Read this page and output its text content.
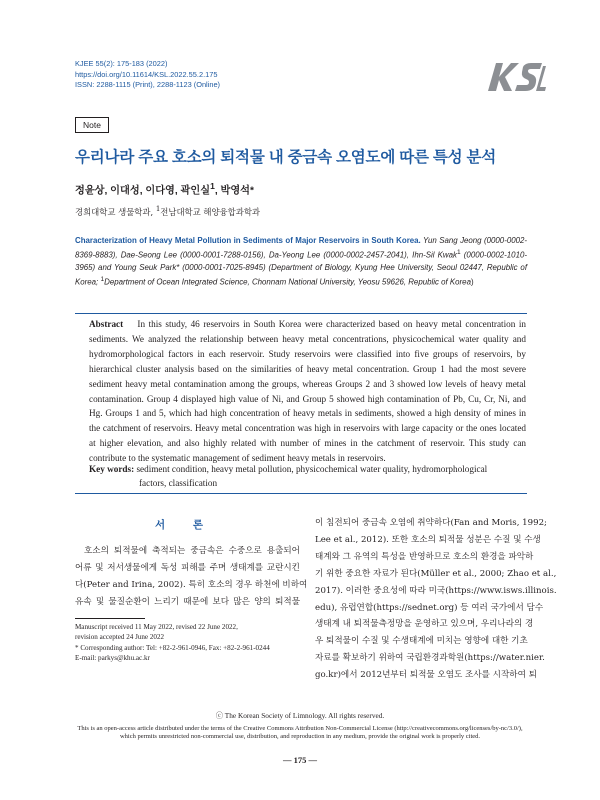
KJEE 55(2): 175-183 (2022)
https://doi.org/10.11614/KSL.2022.55.2.175
ISSN: 2288-1115 (Print), 2288-1123 (Online)
Note
우리나라 주요 호소의 퇴적물 내 중금속 오염도에 따른 특성 분석
정윤상, 이대성, 이다영, 곽인실$^1$, 박영석*
경희대학교 생물학과, $^1$전남대학교 해양융합과학과
Characterization of Heavy Metal Pollution in Sediments of Major Reservoirs in South Korea. Yun Sang Jeong (0000-0002-8369-8883), Dae-Seong Lee (0000-0001-7288-0156), Da-Yeong Lee (0000-0002-2457-2041), Ihn-Sil Kwak$^1$ (0000-0002-1010-3965) and Young Seuk Park* (0000-0001-7025-8945) (Department of Biology, Kyung Hee University, Seoul 02447, Republic of Korea; $^1$Department of Ocean Integrated Science, Chonnam National University, Yeosu 59626, Republic of Korea)
Abstract In this study, 46 reservoirs in South Korea were characterized based on heavy metal concentration in sediments. We analyzed the relationship between heavy metal concentrations, physicochemical water quality and hydromorphological factors in each reservoir. Study reservoirs were classified into five groups of reservoirs, by hierarchical cluster analysis based on the similarities of heavy metal concentration. Group 1 had the most severe sediment heavy metal contamination among the groups, whereas Groups 2 and 3 showed low levels of heavy metal contamination. Group 4 displayed high value of Ni, and Group 5 showed high contamination of Pb, Cu, Cr, Ni, and Hg. Groups 1 and 5, which had high concentration of heavy metals in sediments, showed a high density of mines in the catchment of reservoirs. Heavy metal concentration was high in reservoirs with large capacity or the ones located at higher elevation, and also highly related with number of mines in the catchment of reservoir. This study can contribute to the systematic management of sediment heavy metals in reservoirs.
Key words: sediment condition, heavy metal pollution, physicochemical water quality, hydromorphological
factors, classification
서 론
호소의 퇴적물에 축적되는 중금속은 수중으로 용출되어
어류 및 저서생물에게 독성 피해를 주며 생태계를 교란시킨
다(Peter and Irina, 2002). 특히 호소의 경우 하천에 비하여
유속 및 물질순환이 느리기 때문에 보다 많은 양의 퇴적물
Manuscript received 11 May 2022, revised 22 June 2022,
revision accepted 24 June 2022
* Corresponding author: Tel: +82-2-961-0946, Fax: +82-2-961-0244
E-mail: parkys@khu.ac.kr
이 침전되어 중금속 오염에 취약하다(Fan and Moris, 1992;
Lee et al., 2012). 또한 호소의 퇴적물 성분은 수질 및 수생
태계와 그 유역의 특성을 반영하므로 호소의 환경을 파악하
기 위한 중요한 자료가 된다(Müller et al., 2000; Zhao et al.,
2017). 이러한 중요성에 따라 미국(https://www.isws.illinois.
edu), 유럽연합(https://sednet.org) 등 여러 국가에서 담수
생태계 내 퇴적물측정망을 운영하고 있으며, 우리나라의 경
우 퇴적물이 수질 및 수생태계에 미치는 영향에 대한 기초
자료를 확보하기 위하여 국립환경과학원(https://water.nier.
go.kr)에서 2012년부터 퇴적물 오염도 조사를 시작하여 퇴
ⓒ The Korean Society of Limnology. All rights reserved.
This is an open-access article distributed under the terms of the Creative Commons Attribution Non-Commercial License (http://creativecommons.org/licenses/by-nc/3.0/),
which permits unrestricted non-commercial use, distribution, and reproduction in any medium, provide the original work is properly cited.
— 175 —
